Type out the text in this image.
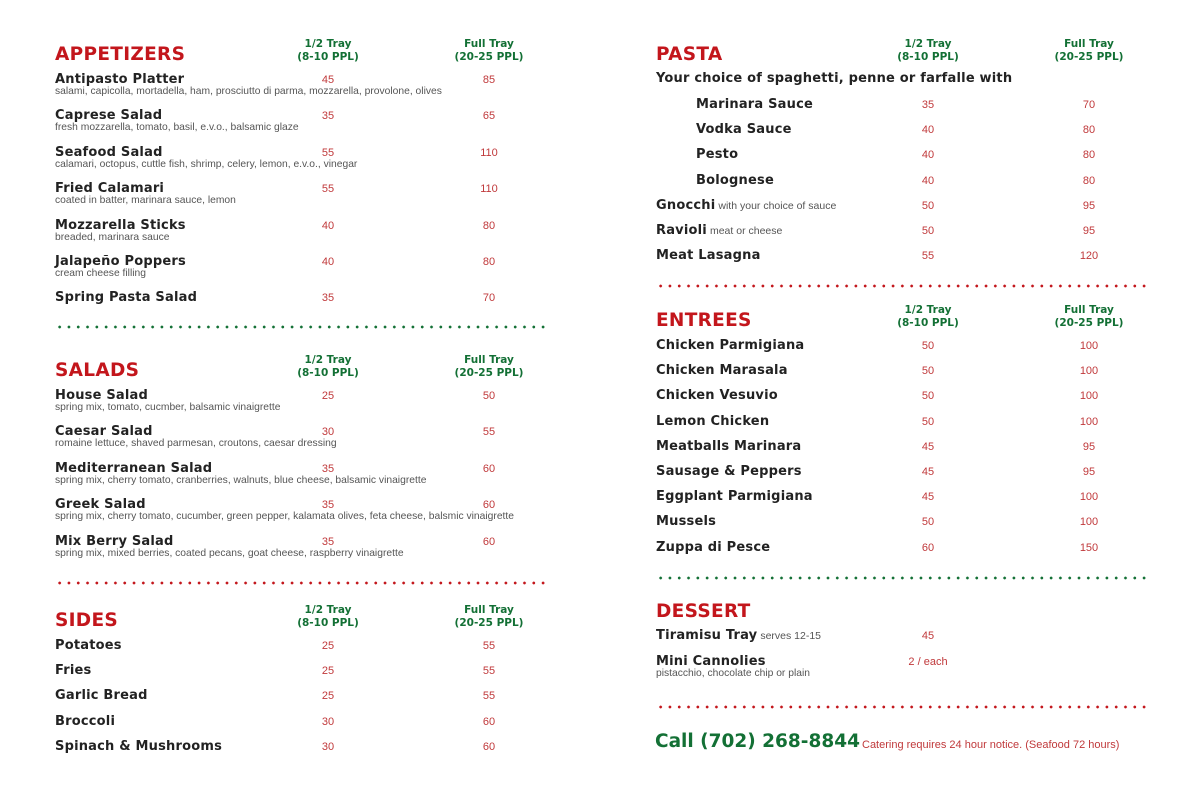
APPETIZERS	1/2 Tray
(8-10 PPL)
Full Tray
(20-25 PPL)
Antipasto Platter
salami, capicolla, mortadella, ham, prosciutto di parma, mozzarella, provolone, olives
45	85
Caprese Salad
fresh mozzarella, tomato, basil, e.v.o., balsamic glaze
35	65
Seafood Salad
calamari, octopus, cuttle fish, shrimp, celery, lemon, e.v.o., vinegar
55	110
Fried Calamari
coated in batter, marinara sauce, lemon
55	110
Mozzarella Sticks
breaded, marinara sauce
40	80
Jalapeño Poppers
cream cheese filling
40	80
Spring Pasta Salad	35	70
SALADS	1/2 Tray
(8-10 PPL)
Full Tray
(20-25 PPL)
House Salad
spring mix, tomato, cucmber, balsamic vinaigrette
25	50
Caesar Salad
romaine lettuce, shaved parmesan, croutons, caesar dressing
30	55
Mediterranean Salad
spring mix, cherry tomato, cranberries, walnuts, blue cheese, balsamic vinaigrette
35	60
Greek Salad
spring mix, cherry tomato, cucumber, green pepper, kalamata olives, feta cheese, balsmic vinaigrette
35	60
Mix Berry Salad
spring mix, mixed berries, coated pecans, goat cheese, raspberry vinaigrette
35	60
SIDES	1/2 Tray
(8-10 PPL)
Full Tray
(20-25 PPL)
Potatoes	25	55
Fries	25	55
Garlic Bread	25	55
Broccoli	30	60
Spinach & Mushrooms	30	60
PASTA	1/2 Tray
(8-10 PPL)
Full Tray
(20-25 PPL)
Your choice of spaghetti, penne or farfalle with
Marinara Sauce	35	70
Vodka Sauce	40	80
Pesto	40	80
Bolognese	40	80
Gnocchi with your choice of sauce	50	95
Ravioli meat or cheese	50	95
Meat Lasagna	55	120
ENTREES	1/2 Tray
(8-10 PPL)
Full Tray
(20-25 PPL)
Chicken Parmigiana	50	100
Chicken Marasala	50	100
Chicken Vesuvio	50	100
Lemon Chicken	50	100
Meatballs Marinara	45	95
Sausage & Peppers	45	95
Eggplant Parmigiana	45	100
Mussels	50	100
Zuppa di Pesce	60	150
DESSERT
Tiramisu Tray serves 12-15	45
Mini Cannolies
pistacchio, chocolate chip or plain
2 / each
Call (702) 268-8844 Catering requires 24 hour notice. (Seafood 72 hours)
